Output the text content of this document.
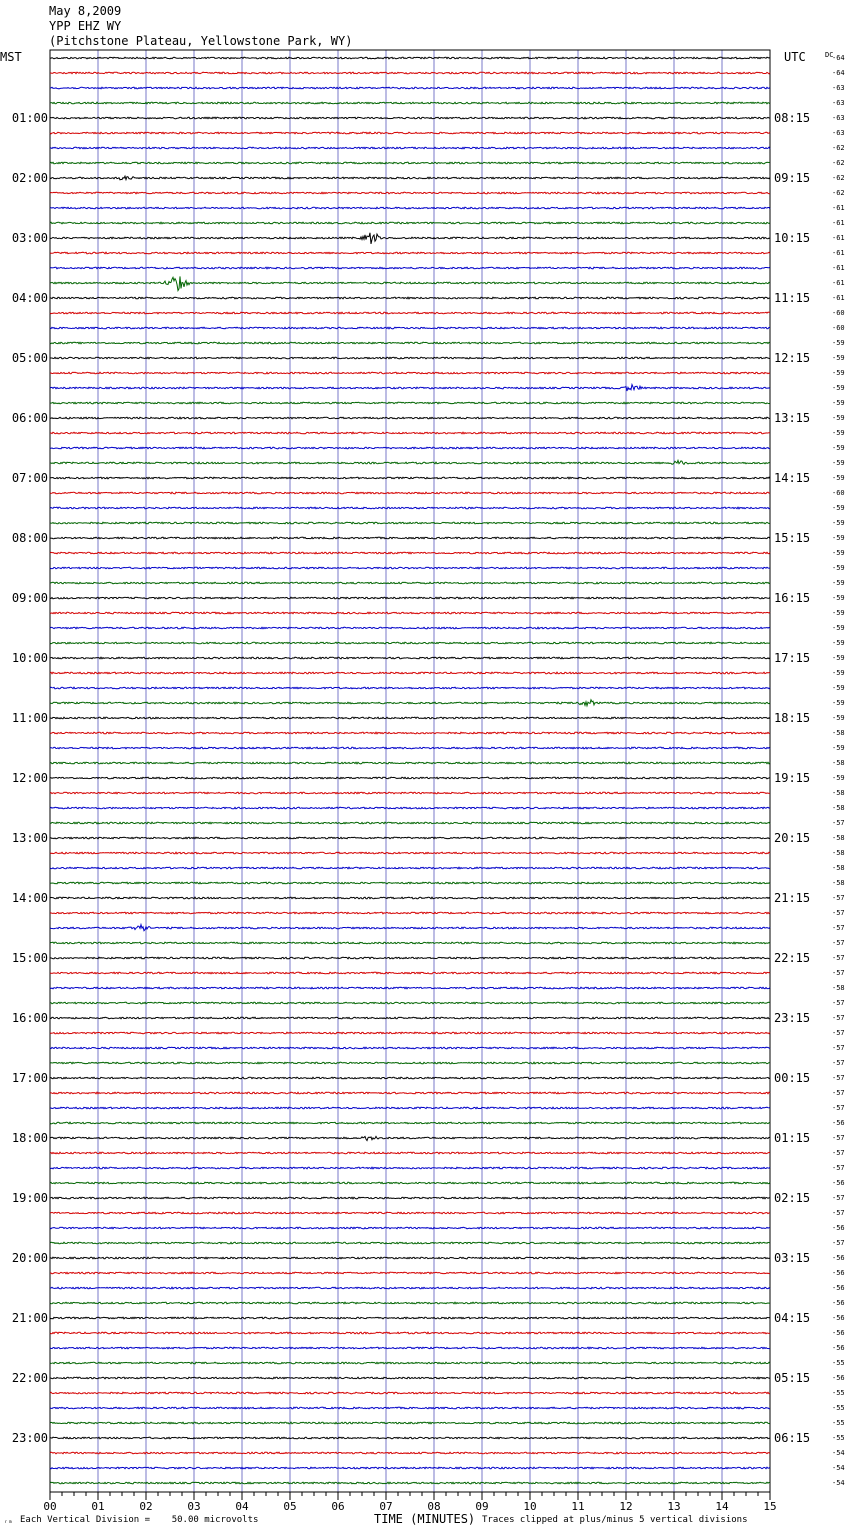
May 8,2009
YPP EHZ WY
(Pitchstone Plateau, Yellowstone Park, WY)
01:00
02:00
03:00
04:00
05:00
06:00
07:00
08:00
09:00
10:00
11:00
12:00
13:00
14:00
15:00
16:00
17:00
18:00
19:00
20:00
21:00
22:00
23:00
08:15
09:15
10:15
11:15
12:15
13:15
14:15
15:15
16:15
17:15
18:15
19:15
20:15
21:15
22:15
23:15
00:15
01:15
02:15
03:15
04:15
05:15
06:15
MST	UTC	DC
-64
-64
-63
-63
-63
-63
-62
-62
-62
-62
-61
-61
-61
-61
-61
-61
-61
-60
-60
-59
-59
-59
-59
-59
-59
-59
-59
-59
-59
-60
-59
-59
-59
-59
-59
-59
-59
-59
-59
-59
-59
-59
-59
-59
-59
-58
-59
-58
-59
-58
-58
-57
-58
-58
-58
-58
-57
-57
-57
-57
-57
-57
-58
-57
-57
-57
-57
-57
-57
-57
-57
-56
-57
-57
-57
-56
-57
-57
-56
-57
-56
-56
-56
-56
-56
-56
-56
-55
-56
-55
-55
-55
-55
-54
-54
-54
00	01	02	03	04	05	06	07	08	09	10	11	12	13	14	15
ᵣₘ Each Vertical Division =    50.00 microvolts	TIME (MINUTES) Traces clipped at plus/minus 5 vertical divisions
